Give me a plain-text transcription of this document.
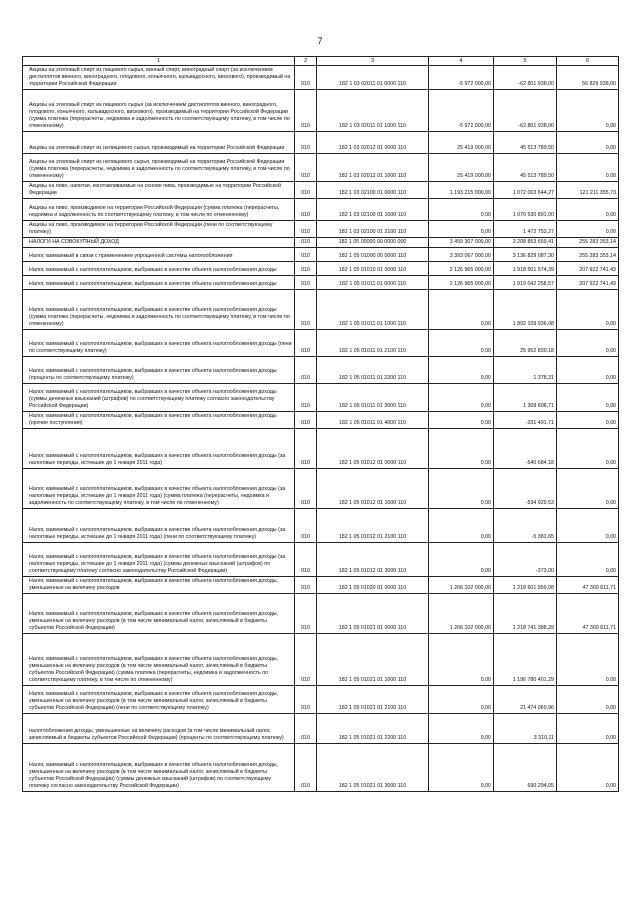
7
1	2	3	4	5	6
Акцизы на этиловый спирт из пищевого сырья, винный спирт, виноградный спирт (за исключением дистиллятов винного, виноградного, плодового, коньячного, кальвадосного, вискового), производимый на территории Российской Федерации	010	182 1 03 02011 01 0000 110	-5 972 000,00	-62 801 938,00	56 829 938,00
Акцизы на этиловый спирт из пищевого сырья (за исключением дистиллятов винного, виноградного, плодового, коньячного, кальвадосного, вискового), производимый на территории Российской Федерации (сумма платежа (перерасчеты, недоимка и задолженность по соответствующему платежу, в том числе по отмененному)	010	182 1 03 02011 01 1000 110	-5 972 000,00	-62 801 938,00	0,00
Акцизы на этиловый спирт из непищевого сырья, производимый на территории Российской Федерации	010	182 1 03 02012 01 0000 110	25 419 000,00	45 513 789,50	0,00
Акцизы на этиловый спирт из непищевого сырья, производимый на территории Российской Федерации (сумма платежа (перерасчеты, недоимка и задолженность по соответствующему платежу, в том числе по отмененному)	010	182 1 03 02012 01 1000 110	25 419 000,00	45 513 789,50	0,00
Акцизы на пиво, напитки, изготавливаемые на основе пива, производимые на территории Российской Федерации	010	182 1 03 02100 01 0000 110	1 193 215 000,00	1 072 003 644,27	121 211 355,73
Акцизы на пиво, производимое на территории Российской Федерации (сумма платежа (перерасчеты, недоимка и задолженность по соответствующему платежу, в том числе по отмененному)	010	182 1 03 02100 01 1000 110	0,00	1 070 530 891,00	0,00
Акцизы на пиво, производимое на территории Российской Федерации (пени по соответствующему платежу)	010	182 1 03 02100 01 2100 110	0,00	1 472 753,27	0,00
НАЛОГИ НА СОВОКУПНЫЙ ДОХОД	010	182 1 05 00000 00 0000 000	3 459 307 000,00	3 208 853 659,41	255 283 353,14
Налог, взимаемый в связи с применением упрощенной системы налогообложения	010	182 1 05 01000 00 0000 110	3 393 067 000,00	3 136 829 087,30	255 283 353,14
Налог, взимаемый с налогоплательщиков, выбравших в качестве объекта налогообложения доходы	010	182 1 05 01010 01 0000 110	2 126 965 000,00	1 918 501 574,39	207 922 741,43
Налог, взимаемый с налогоплательщиков, выбравших в качестве объекта налогообложения доходы	010	182 1 05 01011 01 0000 110	2 126 965 000,00	1 919 042 258,57	207 922 741,43
Налог, взимаемый с налогоплательщиков, выбравших в качестве объекта налогообложения доходы (сумма платежа (перерасчеты, недоимка и задолженность по соответствующему платежу, в том числе по отмененному)	010	182 1 05 01011 01 1000 110	0,00	1 892 109 936,08	0,00
Налог, взимаемый с налогоплательщиков, выбравших в качестве объекта налогообложения доходы (пени по соответствующему платежу)	010	182 1 05 01011 01 2100 110	0,00	25 952 830,18	0,00
Налог, взимаемый с налогоплательщиков, выбравших в качестве объекта налогообложения доходы (проценты по соответствующему платежу)	010	182 1 05 01011 01 2200 110	0,00	1 378,31	0,00
Налог, взимаемый с налогоплательщиков, выбравших в качестве объекта налогообложения доходы (суммы денежных взысканий (штрафов) по соответствующему платежу согласно законодательству Российской Федерации)	010	182 1 05 01011 01 3000 110	0,00	1 309 606,71	0,00
Налог, взимаемый с налогоплательщиков, выбравших в качестве объекта налогообложения доходы (прочие поступления)	010	182 1 05 01011 01 4000 110	0,00	-331 491,71	0,00
Налог, взимаемый с налогоплательщиков, выбравших в качестве объекта налогообложения доходы (за налоговые периоды, истекшие до 1 января 2011 года)	010	182 1 05 01012 01 0000 110	0,00	-540 684,18	0,00
Налог, взимаемый с налогоплательщиков, выбравших в качестве объекта налогообложения доходы (за налоговые периоды, истекшие до 1 января 2011 года) (сумма платежа (перерасчеты, недоимка и задолженность по соответствующему платежу, в том числе по отмененному)	010	182 1 05 01012 01 1000 110	0,00	-534 929,53	0,00
Налог, взимаемый с налогоплательщиков, выбравших в качестве объекта налогообложения доходы (за налоговые периоды, истекшие до 1 января 2011 года) (пени по соответствующему платежу)	010	182 1 05 01012 01 2100 110	0,00	-5 381,65	0,00
Налог, взимаемый с налогоплательщиков, выбравших в качестве объекта налогообложения доходы (за налоговые периоды, истекшие до 1 января 2011 года) (суммы денежных взысканий (штрафов) по соответствующему платежу согласно законодательству Российской Федерации)	010	182 1 05 01012 01 3000 110	0,00	-373,00	0,00
Налог, взимаемый с налогоплательщиков, выбравших в качестве объекта налогообложения доходы, уменьшенные на величину расходов	010	182 1 05 01020 01 0000 110	1 266 102 000,00	1 218 601 959,08	47 360 611,71
Налог, взимаемый с налогоплательщиков, выбравших в качестве объекта налогообложения доходы, уменьшенные на величину расходов (в том числе минимальный налог, зачисляемый в бюджеты субъектов Российской Федерации)	010	182 1 05 01021 01 0000 110	1 266 102 000,00	1 218 741 388,29	47 360 611,71
Налог, взимаемый с налогоплательщиков, выбравших в качестве объекта налогообложения доходы, уменьшенные на величину расходов (в том числе минимальный налог, зачисляемый в бюджеты субъектов Российской Федерации) (сумма платежа (перерасчеты, недоимка и задолженность по соответствующему платежу, в том числе по отмененному)	010	182 1 05 01021 01 1000 110	0,00	1 196 780 401,29	0,00
Налог, взимаемый с налогоплательщиков, выбравших в качестве объекта налогообложения доходы, уменьшенные на величину расходов (в том числе минимальный налог, зачисляемый в бюджеты субъектов Российской Федерации) (пени по соответствующему платежу)	010	182 1 05 01021 01 2100 110	0,00	21 474 060,96	0,00
налогообложения доходы, уменьшенные на величину расходов (в том числе минимальный налог, зачисляемый в бюджеты субъектов Российской Федерации) (проценты по соответствующему платежу)	010	182 1 05 01021 01 2200 110	0,00	3 310,11	0,00
Налог, взимаемый с налогоплательщиков, выбравших в качестве объекта налогообложения доходы, уменьшенные на величину расходов (в том числе минимальный налог, зачисляемый в бюджеты субъектов Российской Федерации) (суммы денежных взысканий (штрафов) по соответствующему платежу согласно законодательству Российской Федерации)	010	182 1 05 01021 01 3000 110	0,00	690 294,05	0,00
